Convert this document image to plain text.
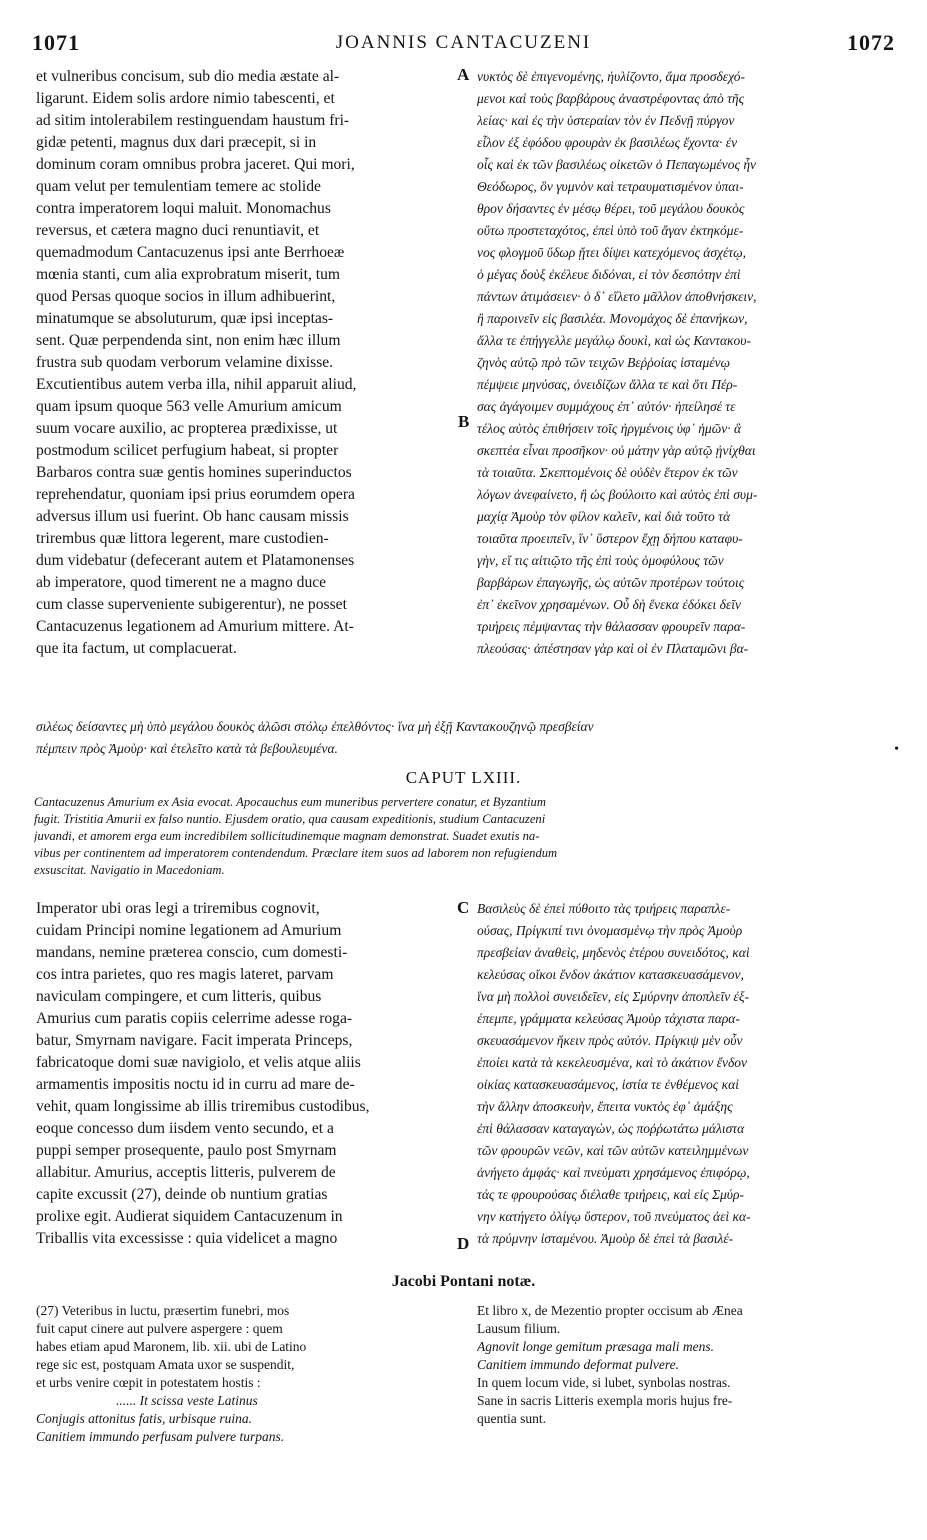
1071	JOANNIS CANTACUZENI	1072
et vulneribus concisum, sub dio media æstate al-
ligarunt. Eidem solis ardore nimio tabescenti, et
ad sitim intolerabilem restinguendam haustum fri-
gidæ petenti, magnus dux dari præcepit, si in
dominum coram omnibus probra jaceret. Qui mori,
quam velut per temulentiam temere ac stolide
contra imperatorem loqui maluit. Monomachus
reversus, et cætera magno duci renuntiavit, et
quemadmodum Cantacuzenus ipsi ante Berrhoeæ
mœnia stanti, cum alia exprobratum miserit, tum
quod Persas quoque socios in illum adhibuerint,
minatumque se absoluturum, quæ ipsi inceptas-
sent. Quæ perpendenda sint, non enim hæc illum
frustra sub quodam verborum velamine dixisse.
Excutientibus autem verba illa, nihil apparuit aliud,
quam ipsum quoque 563 velle Amurium amicum
suum vocare auxilio, ac propterea prædixisse, ut
postmodum scilicet perfugium habeat, si propter
Barbaros contra suæ gentis homines superinductos
reprehendatur, quoniam ipsi prius eorumdem opera
adversus illum usi fuerint. Ob hanc causam missis
trirembus quæ littora legerent, mare custodien-
dum videbatur (defecerant autem et Platamonenses
ab imperatore, quod timerent ne a magno duce
cum classe superveniente subigerentur), ne posset
Cantacuzenus legationem ad Amurium mittere. At-
que ita factum, ut complacuerat.
νυκτὸς δὲ ἐπιγενομένης, ἠυλίζοντο, ἅμα προσδεχό-
μενοι καὶ τοὺς βαρβάρους ἀναστρέφοντας ἀπὸ τῆς
λείας· καὶ ἐς τὴν ὑστεραίαν τὸν ἐν Πεδνῇ πύργον
εἷλον ἐξ ἐφόδου φρουρὰν ἐκ βασιλέως ἔχοντα· ἐν
οἷς καὶ ἐκ τῶν βασιλέως οἰκετῶν ὁ Πεπαγωμένος ἦν
Θεόδωρος, ὃν γυμνὸν καὶ τετραυματισμένον ὑπαι-
θρον δήσαντες ἐν μέσῳ θέρει, τοῦ μεγάλου δουκὸς
οὕτω προστεταχότος, ἐπεὶ ὑπὸ τοῦ ἄγαν ἐκτηκόμε-
νος φλογμοῦ ὕδωρ ᾔτει δίψει κατεχόμενος ἀσχέτῳ,
ὁ μέγας δοὺξ ἐκέλευε διδόναι, εἰ τὸν δεσπότην ἐπὶ
πάντων ἀτιμάσειεν· ὁ δ᾽ εἵλετο μᾶλλον ἀποθνήσκειν,
ἢ παροινεῖν εἰς βασιλέα. Μονομάχος δὲ ἐπανήκων,
ἄλλα τε ἐπήγγελλε μεγάλῳ δουκὶ, καὶ ὡς Καντακου-
ζηνὸς αὐτῷ πρὸ τῶν τειχῶν Βεῤῥοίας ἱσταμένῳ
πέμψειε μηνύσας, ὀνειδίζων ἄλλα τε καὶ ὅτι Πέρ-
σας ἀγάγοιμεν συμμάχους ἐπ᾽ αὐτόν· ἠπείλησέ τε
τέλος αὐτὸς ἐπιθήσειν τοῖς ἠργμένοις ὑφ᾽ ἡμῶν· ἃ
σκεπτέα εἶναι προσῆκον· οὐ μάτην γὰρ αὐτῷ ᾐνίχθαι
τὰ τοιαῦτα. Σκεπτομένοις δὲ οὐδὲν ἕτερον ἐκ τῶν
λόγων ἀνεφαίνετο, ἢ ὡς βούλοιτο καὶ αὐτὸς ἐπὶ συμ-
μαχίᾳ Ἀμοὺρ τὸν φίλον καλεῖν, καὶ διὰ τοῦτο τὰ
τοιαῦτα προειπεῖν, ἵν᾽ ὕστερον ἔχῃ δήπου καταφυ-
γὴν, εἴ τις αἰτιῷτο τῆς ἐπὶ τοὺς ὁμοφύλους τῶν
βαρβάρων ἐπαγωγῆς, ὡς αὐτῶν προτέρων τούτοις
ἐπ᾽ ἐκεῖνον χρησαμένων. Οὗ δὴ ἕνεκα ἐδόκει δεῖν
τριήρεις πέμψαντας τὴν θάλασσαν φρουρεῖν παρα-
πλεούσας· ἀπέστησαν γὰρ καὶ οἱ ἐν Πλαταμῶνι βα-
A
B
σιλέως δείσαντες μὴ ὑπὸ μεγάλου δουκὸς ἁλῶσι στόλῳ ἐπελθόντος· ἵνα μὴ ἐξῇ Καντακουζηνῷ πρεσβείαν
πέμπειν πρὸς Ἀμοὺρ· καὶ ἐτελεῖτο κατὰ τὰ βεβουλευμένα.	•
CAPUT LXIII.
Cantacuzenus Amurium ex Asia evocat. Apocauchus eum muneribus pervertere conatur, et Byzantium
fugit. Tristitia Amurii ex falso nuntio. Ejusdem oratio, qua causam expeditionis, studium Cantacuzeni
juvandi, et amorem erga eum incredibilem sollicitudinemque magnam demonstrat. Suadet exutis na-
vibus per continentem ad imperatorem contendendum. Præclare item suos ad laborem non refugiendum
exsuscitat. Navigatio in Macedoniam.
Imperator ubi oras legi a triremibus cognovit,
cuidam Principi nomine legationem ad Amurium
mandans, nemine præterea conscio, cum domesti-
cos intra parietes, quo res magis lateret, parvam
naviculam compingere, et cum litteris, quibus
Amurius cum paratis copiis celerrime adesse roga-
batur, Smyrnam navigare. Facit imperata Princeps,
fabricatoque domi suæ navigiolo, et velis atque aliis
armamentis impositis noctu id in curru ad mare de-
vehit, quam longissime ab illis triremibus custodibus,
eoque concesso dum iisdem vento secundo, et a
puppi semper prosequente, paulo post Smyrnam
allabitur. Amurius, acceptis litteris, pulverem de
capite excussit (27), deinde ob nuntium gratias
prolixe egit. Audierat siquidem Cantacuzenum in
Triballis vita excessisse : quia videlicet a magno
Βασιλεὺς δὲ ἐπεὶ πύθοιτο τὰς τριήρεις παραπλε-
ούσας, Πρίγκιπί τινι ὀνομασμένῳ τὴν πρὸς Ἀμοὺρ
πρεσβείαν ἀναθεὶς, μηδενὸς ἑτέρου συνειδότος, καὶ
κελεύσας οἴκοι ἔνδον ἀκάτιον κατασκευασάμενον,
ἵνα μὴ πολλοὶ συνειδεῖεν, εἰς Σμύρνην ἀποπλεῖν ἐξ-
έπεμπε, γράμματα κελεύσας Ἀμοὺρ τάχιστα παρα-
σκευασάμενον ἥκειν πρὸς αὐτόν. Πρίγκιψ μὲν οὖν
ἐποίει κατὰ τὰ κεκελευσμένα, καὶ τὸ ἀκάτιον ἔνδον
οἰκίας κατασκευασάμενος, ἱστία τε ἐνθέμενος καὶ
τὴν ἄλλην ἀποσκευὴν, ἔπειτα νυκτὸς ἐφ᾽ ἁμάξης
ἐπὶ θάλασσαν καταγαγὼν, ὡς ποῤῥωτάτω μάλιστα
τῶν φρουρῶν νεῶν, καὶ τῶν αὐτῶν κατειλημμένων
ἀνήγετο ἀμφάς· καὶ πνεύματι χρησάμενος ἐπιφόρῳ,
τάς τε φρουρούσας διέλαθε τριήρεις, καὶ εἰς Σμύρ-
νην κατήγετο ὀλίγῳ ὕστερον, τοῦ πνεύματος ἀεὶ κα-
τὰ πρύμνην ἱσταμένου. Ἀμοὺρ δὲ ἐπεὶ τὰ βασιλέ-
C
D
Jacobi Pontani notæ.
(27) Veteribus in luctu, præsertim funebri, mos
fuit caput cinere aut pulvere aspergere : quem
habes etiam apud Maronem, lib. xii. ubi de Latino
rege sic est, postquam Amata uxor se suspendit,
et urbs venire cœpit in potestatem hostis :
...... It scissa veste Latinus
Conjugis attonitus fatis, urbisque ruina.
Canitiem immundo perfusam pulvere turpans.
Et libro x, de Mezentio propter occisum ab Ænea
Lausum filium.
Agnovit longe gemitum præsaga mali mens.
Canitiem immundo deformat pulvere.
In quem locum vide, si lubet, synbolas nostras.
Sane in sacris Litteris exempla moris hujus fre-
quentia sunt.
